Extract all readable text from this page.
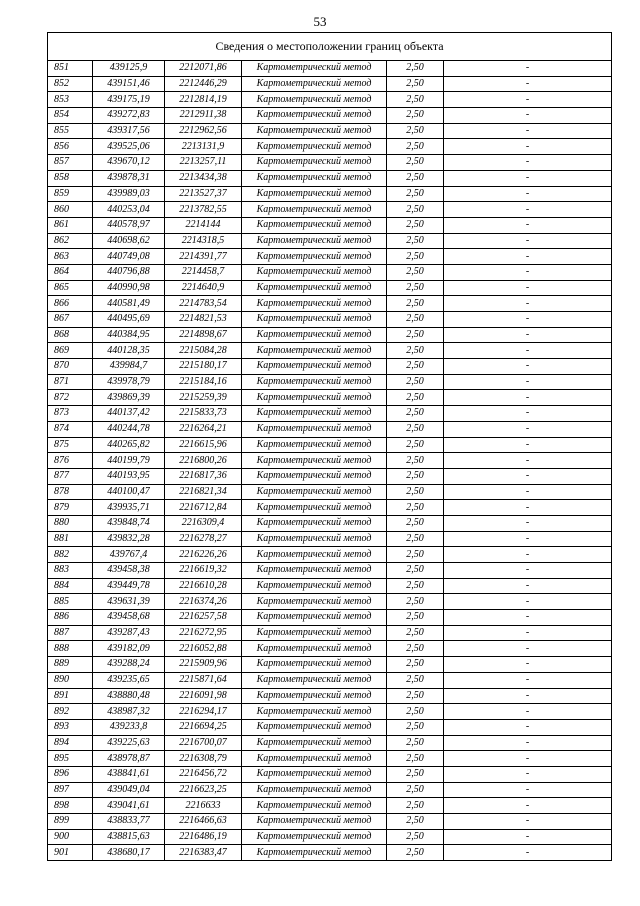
53
Сведения о местоположении границ объекта					
851	439125,9	2212071,86	Картометрический метод	2,50	-
852	439151,46	2212446,29	Картометрический метод	2,50	-
853	439175,19	2212814,19	Картометрический метод	2,50	-
854	439272,83	2212911,38	Картометрический метод	2,50	-
855	439317,56	2212962,56	Картометрический метод	2,50	-
856	439525,06	2213131,9	Картометрический метод	2,50	-
857	439670,12	2213257,11	Картометрический метод	2,50	-
858	439878,31	2213434,38	Картометрический метод	2,50	-
859	439989,03	2213527,37	Картометрический метод	2,50	-
860	440253,04	2213782,55	Картометрический метод	2,50	-
861	440578,97	2214144	Картометрический метод	2,50	-
862	440698,62	2214318,5	Картометрический метод	2,50	-
863	440749,08	2214391,77	Картометрический метод	2,50	-
864	440796,88	2214458,7	Картометрический метод	2,50	-
865	440990,98	2214640,9	Картометрический метод	2,50	-
866	440581,49	2214783,54	Картометрический метод	2,50	-
867	440495,69	2214821,53	Картометрический метод	2,50	-
868	440384,95	2214898,67	Картометрический метод	2,50	-
869	440128,35	2215084,28	Картометрический метод	2,50	-
870	439984,7	2215180,17	Картометрический метод	2,50	-
871	439978,79	2215184,16	Картометрический метод	2,50	-
872	439869,39	2215259,39	Картометрический метод	2,50	-
873	440137,42	2215833,73	Картометрический метод	2,50	-
874	440244,78	2216264,21	Картометрический метод	2,50	-
875	440265,82	2216615,96	Картометрический метод	2,50	-
876	440199,79	2216800,26	Картометрический метод	2,50	-
877	440193,95	2216817,36	Картометрический метод	2,50	-
878	440100,47	2216821,34	Картометрический метод	2,50	-
879	439935,71	2216712,84	Картометрический метод	2,50	-
880	439848,74	2216309,4	Картометрический метод	2,50	-
881	439832,28	2216278,27	Картометрический метод	2,50	-
882	439767,4	2216226,26	Картометрический метод	2,50	-
883	439458,38	2216619,32	Картометрический метод	2,50	-
884	439449,78	2216610,28	Картометрический метод	2,50	-
885	439631,39	2216374,26	Картометрический метод	2,50	-
886	439458,68	2216257,58	Картометрический метод	2,50	-
887	439287,43	2216272,95	Картометрический метод	2,50	-
888	439182,09	2216052,88	Картометрический метод	2,50	-
889	439288,24	2215909,96	Картометрический метод	2,50	-
890	439235,65	2215871,64	Картометрический метод	2,50	-
891	438880,48	2216091,98	Картометрический метод	2,50	-
892	438987,32	2216294,17	Картометрический метод	2,50	-
893	439233,8	2216694,25	Картометрический метод	2,50	-
894	439225,63	2216700,07	Картометрический метод	2,50	-
895	438978,87	2216308,79	Картометрический метод	2,50	-
896	438841,61	2216456,72	Картометрический метод	2,50	-
897	439049,04	2216623,25	Картометрический метод	2,50	-
898	439041,61	2216633	Картометрический метод	2,50	-
899	438833,77	2216466,63	Картометрический метод	2,50	-
900	438815,63	2216486,19	Картометрический метод	2,50	-
901	438680,17	2216383,47	Картометрический метод	2,50	-
